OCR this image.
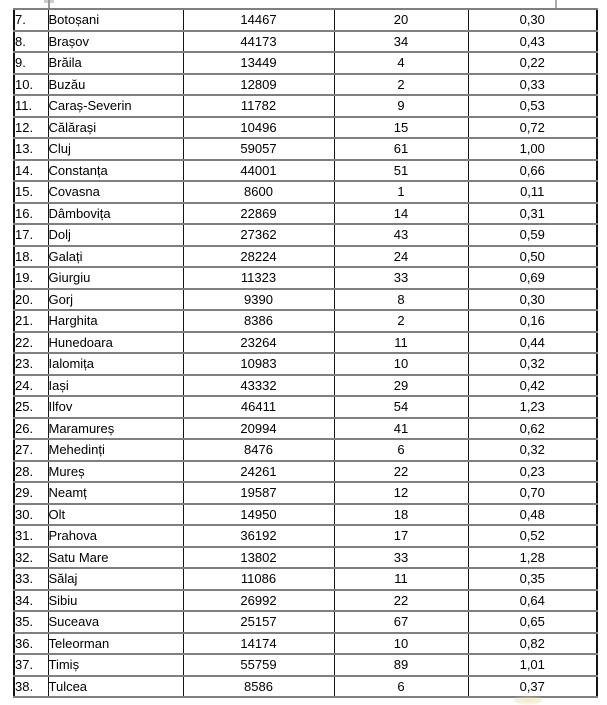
7.	Botoșani	14467	20	0,30
8.	Brașov	44173	34	0,43
9.	Brăila	13449	4	0,22
10.	Buzău	12809	2	0,33
11.	Caraș-Severin	11782	9	0,53
12.	Călărași	10496	15	0,72
13.	Cluj	59057	61	1,00
14.	Constanța	44001	51	0,66
15.	Covasna	8600	1	0,11
16.	Dâmbovița	22869	14	0,31
17.	Dolj	27362	43	0,59
18.	Galați	28224	24	0,50
19.	Giurgiu	11323	33	0,69
20.	Gorj	9390	8	0,30
21.	Harghita	8386	2	0,16
22.	Hunedoara	23264	11	0,44
23.	Ialomița	10983	10	0,32
24.	Iași	43332	29	0,42
25.	Ilfov	46411	54	1,23
26.	Maramureș	20994	41	0,62
27.	Mehedinți	8476	6	0,32
28.	Mureș	24261	22	0,23
29.	Neamț	19587	12	0,70
30.	Olt	14950	18	0,48
31.	Prahova	36192	17	0,52
32.	Satu Mare	13802	33	1,28
33.	Sălaj	11086	11	0,35
34.	Sibiu	26992	22	0,64
35.	Suceava	25157	67	0,65
36.	Teleorman	14174	10	0,82
37.	Timiș	55759	89	1,01
38.	Tulcea	8586	6	0,37
